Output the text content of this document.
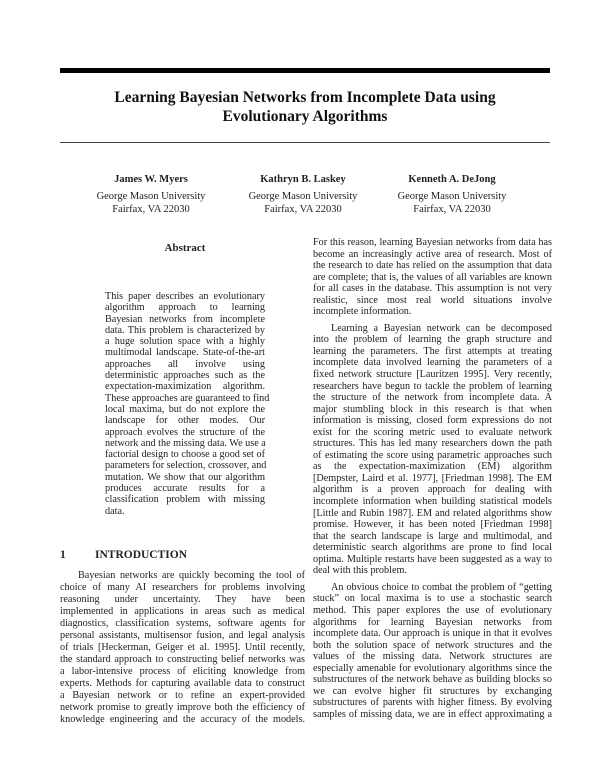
Learning Bayesian Networks from Incomplete Data using
Evolutionary Algorithms
James W. Myers
George Mason University
Fairfax, VA 22030
Kathryn B. Laskey
George Mason University
Fairfax, VA 22030
Kenneth A. DeJong
George Mason University
Fairfax, VA 22030
Abstract
This paper describes an evolutionary
algorithm approach to learning
Bayesian networks from incomplete
data. This problem is characterized by
a huge solution space with a highly
multimodal landscape. State-of-the-art
approaches all involve using
deterministic approaches such as the
expectation-maximization algorithm.
These approaches are guaranteed to find
local maxima, but do not explore the
landscape for other modes. Our
approach evolves the structure of the
network and the missing data. We use a
factorial design to choose a good set of
parameters for selection, crossover, and
mutation. We show that our algorithm
produces accurate results for a
classification problem with missing
data.
1	INTRODUCTION
Bayesian networks are quickly becoming the tool of
choice of many AI researchers for problems involving
reasoning under uncertainty. They have been
implemented in applications in areas such as medical
diagnostics, classification systems, software agents for
personal assistants, multisensor fusion, and legal analysis
of trials [Heckerman, Geiger et al. 1995]. Until recently,
the standard approach to constructing belief networks was
a labor-intensive process of eliciting knowledge from
experts. Methods for capturing available data to construct
a Bayesian network or to refine an expert-provided
network promise to greatly improve both the efficiency of
knowledge engineering and the accuracy of the models.
For this reason, learning Bayesian networks from data has
become an increasingly active area of research. Most of
the research to date has relied on the assumption that data
are complete; that is, the values of all variables are known
for all cases in the database. This assumption is not very
realistic, since most real world situations involve
incomplete information.
Learning a Bayesian network can be decomposed
into the problem of learning the graph structure and
learning the parameters. The first attempts at treating
incomplete data involved learning the parameters of a
fixed network structure [Lauritzen 1995]. Very recently,
researchers have begun to tackle the problem of learning
the structure of the network from incomplete data. A
major stumbling block in this research is that when
information is missing, closed form expressions do not
exist for the scoring metric used to evaluate network
structures. This has led many researchers down the path
of estimating the score using parametric approaches such
as the expectation-maximization (EM) algorithm
[Dempster, Laird et al. 1977], [Friedman 1998]. The EM
algorithm is a proven approach for dealing with
incomplete information when building statistical models
[Little and Rubin 1987]. EM and related algorithms show
promise. However, it has been noted [Friedman 1998]
that the search landscape is large and multimodal, and
deterministic search algorithms are prone to find local
optima. Multiple restarts have been suggested as a way to
deal with this problem.
An obvious choice to combat the problem of “getting
stuck” on local maxima is to use a stochastic search
method. This paper explores the use of evolutionary
algorithms for learning Bayesian networks from
incomplete data. Our approach is unique in that it evolves
both the solution space of network structures and the
values of the missing data. Network structures are
especially amenable for evolutionary algorithms since the
substructures of the network behave as building blocks so
we can evolve higher fit structures by exchanging
substructures of parents with higher fitness. By evolving
samples of missing data, we are in effect approximating a
